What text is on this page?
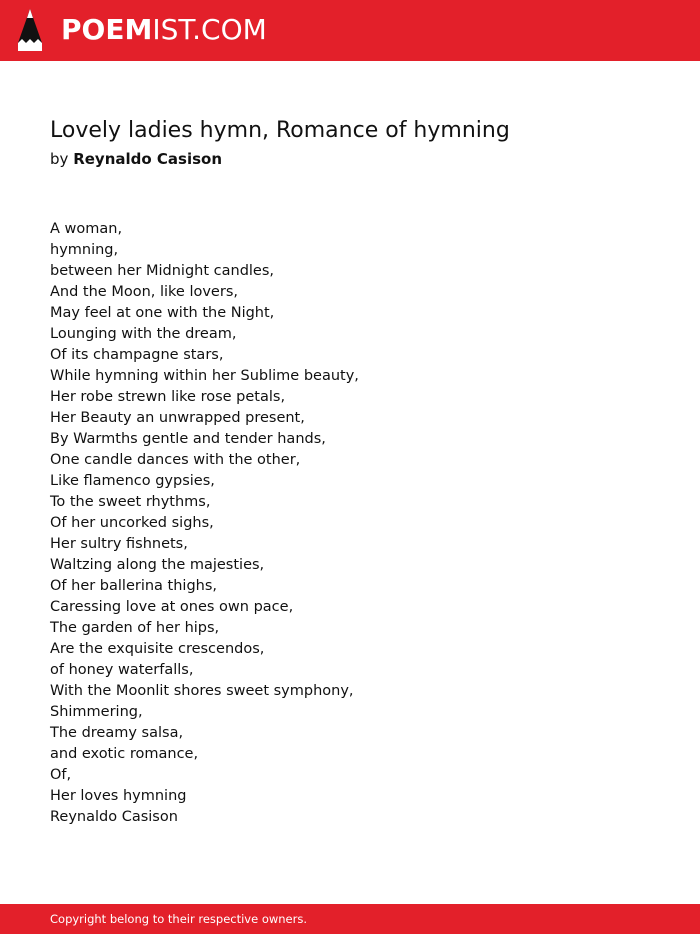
POEMIST.COM
Lovely ladies hymn, Romance of hymning
by Reynaldo Casison
A woman,
hymning,
between her Midnight candles,
And the Moon, like lovers,
May feel at one with the Night,
Lounging with the dream,
Of its champagne stars,
While hymning within her Sublime beauty,
Her robe strewn like rose petals,
Her Beauty an unwrapped present,
By Warmths gentle and tender hands,
One candle dances with the other,
Like flamenco gypsies,
To the sweet rhythms,
Of her uncorked sighs,
Her sultry fishnets,
Waltzing along the majesties,
Of her ballerina thighs,
Caressing love at ones own pace,
The garden of her hips,
Are the exquisite crescendos,
of honey waterfalls,
With the Moonlit shores sweet symphony,
Shimmering,
The dreamy salsa,
and exotic romance,
Of,
Her loves hymning
Reynaldo Casison
Copyright belong to their respective owners.
